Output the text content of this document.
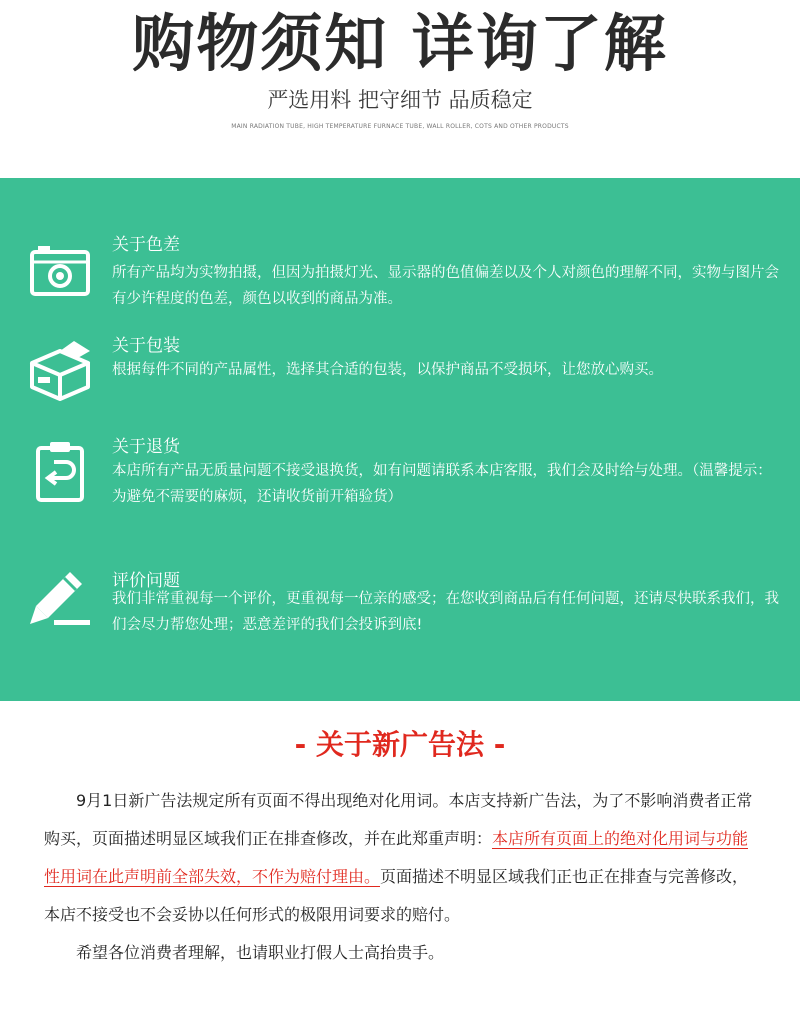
购物须知 详询了解
严选用料 把守细节 品质稳定
MAIN RADIATION TUBE, HIGH TEMPERATURE FURNACE TUBE, WALL ROLLER, COTS AND OTHER PRODUCTS
关于色差
所有产品均为实物拍摄，但因为拍摄灯光、显示器的色值偏差以及个人对颜色的理解不同，实物与图片会有少许程度的色差，颜色以收到的商品为准。
关于包装
根据每件不同的产品属性，选择其合适的包装，以保护商品不受损坏，让您放心购买。
关于退货
本店所有产品无质量问题不接受退换货，如有问题请联系本店客服，我们会及时给与处理。（温馨提示：为避免不需要的麻烦，还请收货前开箱验货）
评价问题
我们非常重视每一个评价，更重视每一位亲的感受；在您收到商品后有任何问题，还请尽快联系我们，我们会尽力帮您处理；恶意差评的我们会投诉到底!
- 关于新广告法 -

9月1日新广告法规定所有页面不得出现绝对化用词。本店支持新广告法，为了不影响消费者正常购买，页面描述明显区域我们正在排查修改，并在此郑重声明：本店所有页面上的绝对化用词与功能性用词在此声明前全部失效，不作为赔付理由。页面描述不明显区域我们正也正在排查与完善修改，本店不接受也不会妥协以任何形式的极限用词要求的赔付。

希望各位消费者理解，也请职业打假人士高抬贵手。
